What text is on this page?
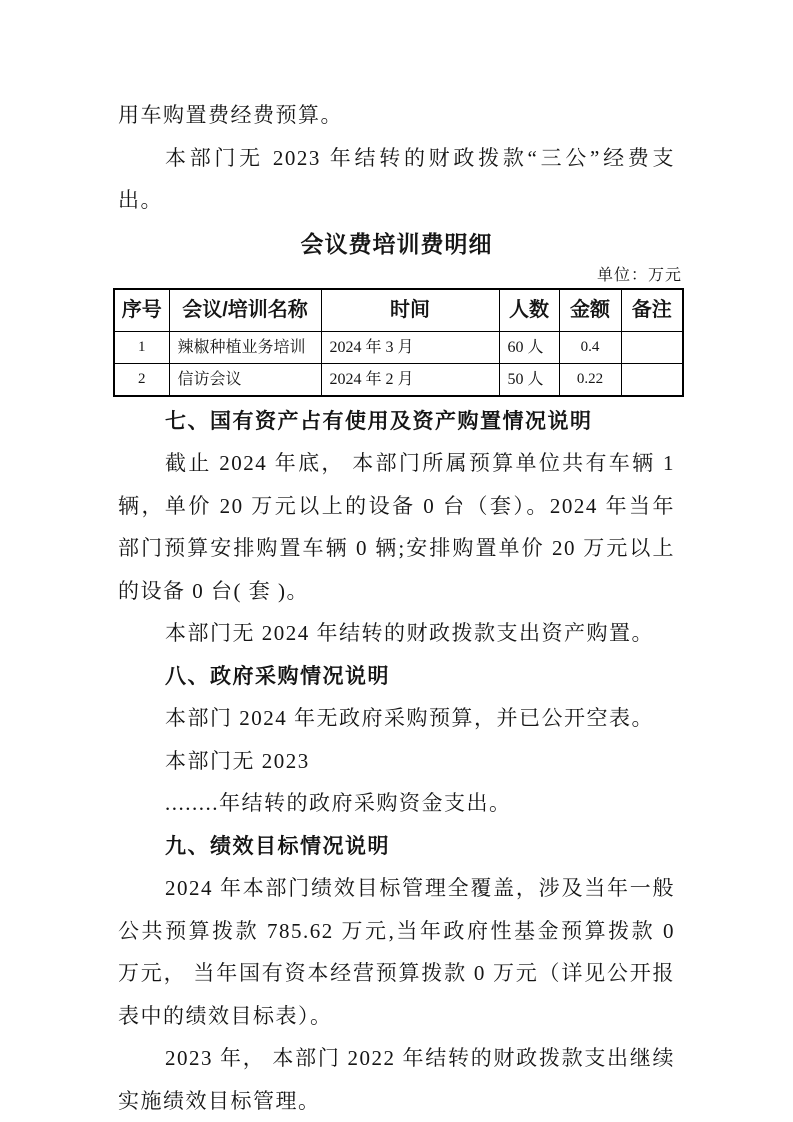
用车购置费经费预算。

本部门无 2023 年结转的财政拨款“三公”经费支出。

会议费培训费明细
单位：万元
序号	会议/培训名称	时间	人数	金额	备注
1	辣椒种植业务培训	2024 年 3 月	60 人	0.4	
2	信访会议	2024 年 2 月	50 人	0.22	

七、国有资产占有使用及资产购置情况说明

截止 2024 年底， 本部门所属预算单位共有车辆 1 辆，单价 20 万元以上的设备 0 台（套）。2024 年当年部门预算安排购置车辆 0 辆;安排购置单价 20 万元以上的设备 0 台( 套 )。

本部门无 2024 年结转的财政拨款支出资产购置。

八、政府采购情况说明

本部门 2024 年无政府采购预算，并已公开空表。

本部门无 2023

........年结转的政府采购资金支出。

九、绩效目标情况说明

2024 年本部门绩效目标管理全覆盖，涉及当年一般公共预算拨款 785.62 万元,当年政府性基金预算拨款 0 万元， 当年国有资本经营预算拨款 0 万元（详见公开报表中的绩效目标表）。

2023 年， 本部门 2022 年结转的财政拨款支出继续实施绩效目标管理。
